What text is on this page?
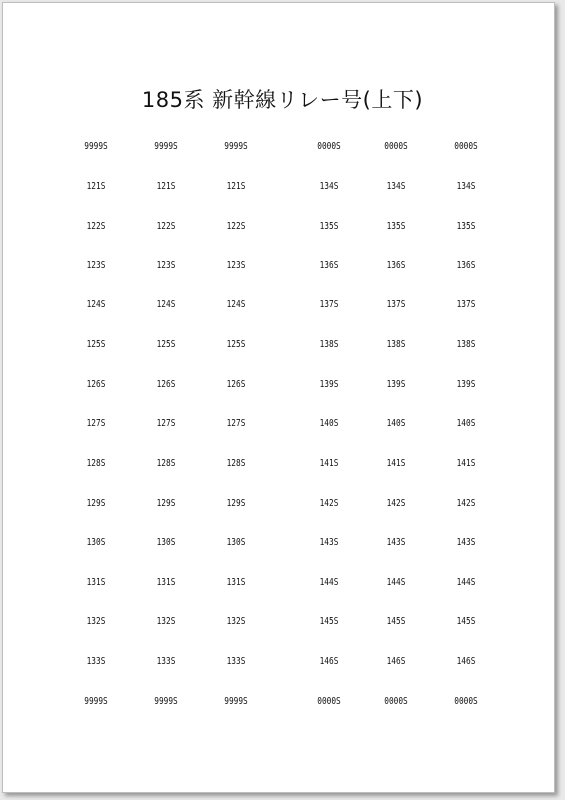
185系 新幹線リレー号(上下)
9999S
121S
122S
123S
124S
125S
126S
127S
128S
129S
130S
131S
132S
133S
9999S
9999S
121S
122S
123S
124S
125S
126S
127S
128S
129S
130S
131S
132S
133S
9999S
9999S
121S
122S
123S
124S
125S
126S
127S
128S
129S
130S
131S
132S
133S
9999S
0000S
134S
135S
136S
137S
138S
139S
140S
141S
142S
143S
144S
145S
146S
0000S
0000S
134S
135S
136S
137S
138S
139S
140S
141S
142S
143S
144S
145S
146S
0000S
0000S
134S
135S
136S
137S
138S
139S
140S
141S
142S
143S
144S
145S
146S
0000S
